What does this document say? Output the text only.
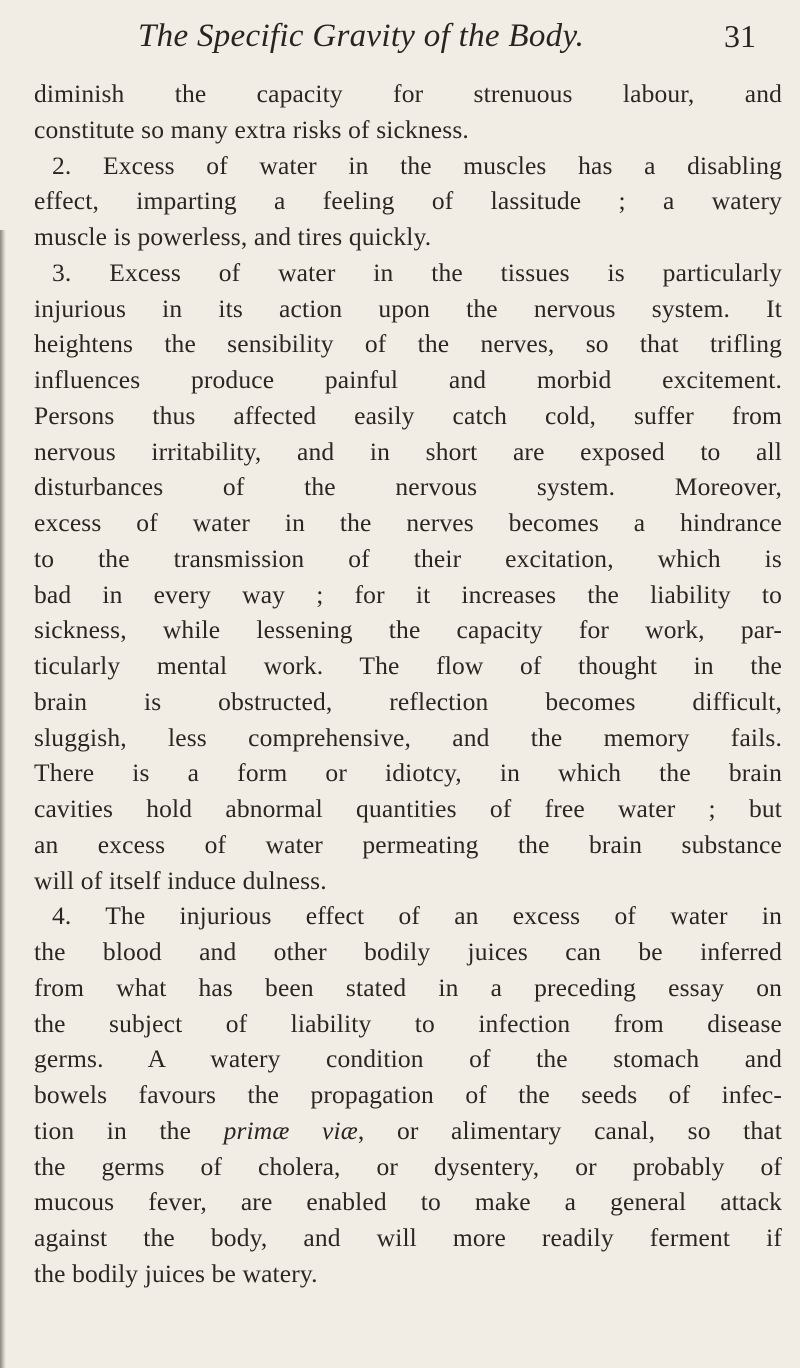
The Specific Gravity of the Body.	31
diminish the capacity for strenuous labour, and
constitute so many extra risks of sickness.
2. Excess of water in the muscles has a disabling
effect, imparting a feeling of lassitude ; a watery
muscle is powerless, and tires quickly.
3. Excess of water in the tissues is particularly
injurious in its action upon the nervous system. It
heightens the sensibility of the nerves, so that trifling
influences produce painful and morbid excitement.
Persons thus affected easily catch cold, suffer from
nervous irritability, and in short are exposed to all
disturbances of the nervous system. Moreover,
excess of water in the nerves becomes a hindrance
to the transmission of their excitation, which is
bad in every way ; for it increases the liability to
sickness, while lessening the capacity for work, par-
ticularly mental work. The flow of thought in the
brain is obstructed, reflection becomes difficult,
sluggish, less comprehensive, and the memory fails.
There is a form or idiotcy, in which the brain
cavities hold abnormal quantities of free water ; but
an excess of water permeating the brain substance
will of itself induce dulness.
4. The injurious effect of an excess of water in
the blood and other bodily juices can be inferred
from what has been stated in a preceding essay on
the subject of liability to infection from disease
germs. A watery condition of the stomach and
bowels favours the propagation of the seeds of infec-
tion in the primæ viæ, or alimentary canal, so that
the germs of cholera, or dysentery, or probably of
mucous fever, are enabled to make a general attack
against the body, and will more readily ferment if
the bodily juices be watery.
